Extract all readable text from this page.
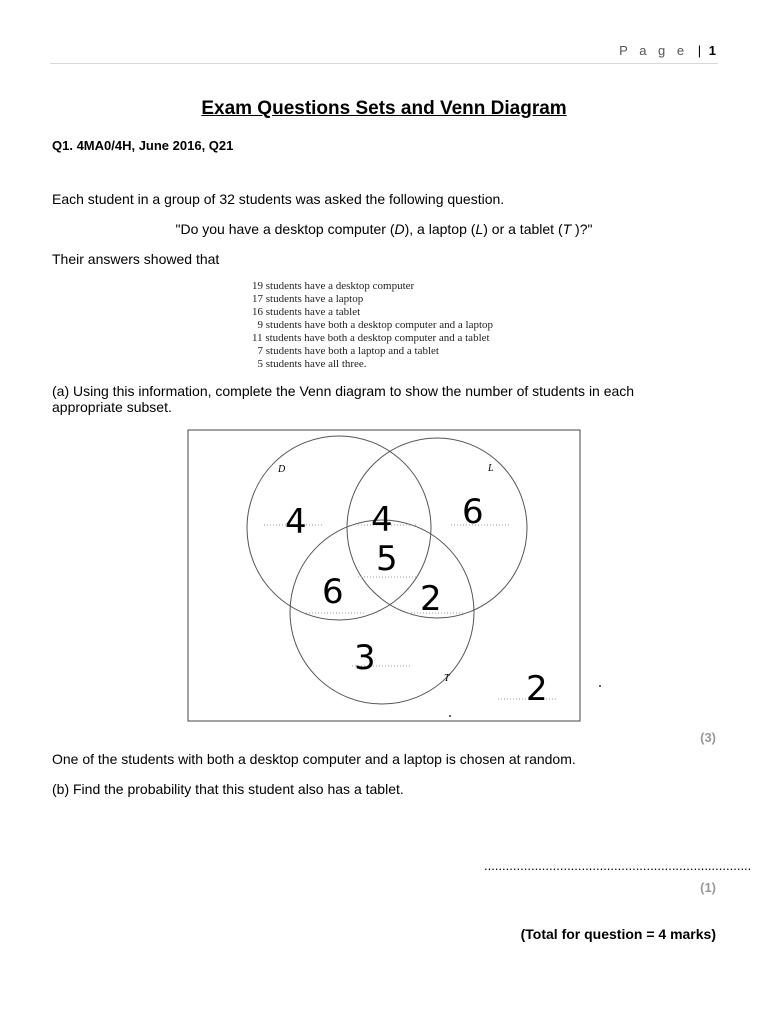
P a g e | 1
Exam Questions Sets and Venn Diagram
Q1. 4MA0/4H, June 2016, Q21
Each student in a group of 32 students was asked the following question.
"Do you have a desktop computer (D), a laptop (L) or a tablet (T )?"
Their answers showed that
19 students have a desktop computer
17 students have a laptop
16 students have a tablet
9 students have both a desktop computer and a laptop
11 students have both a desktop computer and a tablet
7 students have both a laptop and a tablet
5 students have all three.
(a) Using this information, complete the Venn diagram to show the number of students in each appropriate subset.
D	L
T
4 4 6
5
6 2
3
2
(3)
One of the students with both a desktop computer and a laptop is chosen at random.
(b) Find the probability that this student also has a tablet.
..........................................................................
(1)
(Total for question = 4 marks)
